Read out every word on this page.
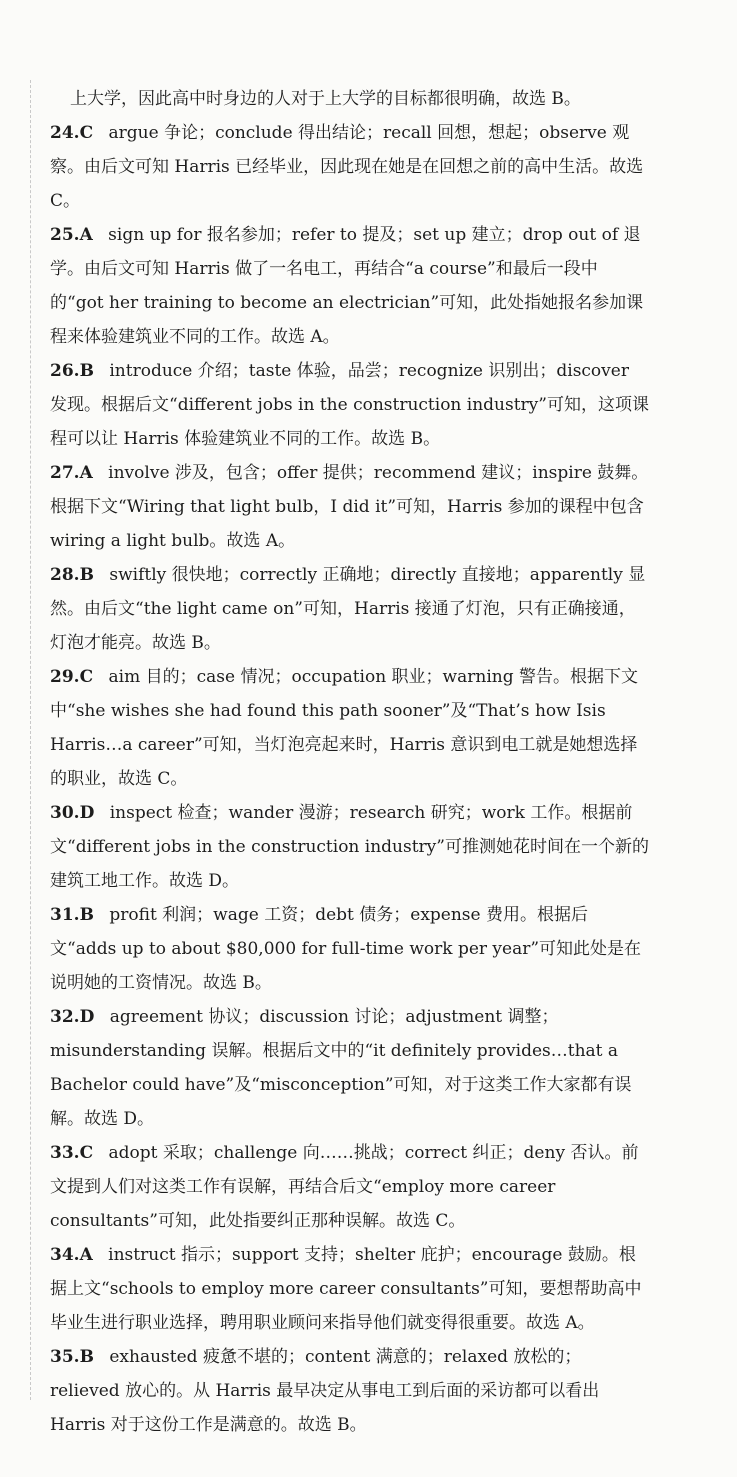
上大学，因此高中时身边的人对于上大学的目标都很明确，故选 B。
24.C argue 争论；conclude 得出结论；recall 回想，想起；observe 观察。由后文可知 Harris 已经毕业，因此现在她是在回想之前的高中生活。故选 C。
25.A sign up for 报名参加；refer to 提及；set up 建立；drop out of 退学。由后文可知 Harris 做了一名电工，再结合“a course”和最后一段中的“got her training to become an electrician”可知，此处指她报名参加课程来体验建筑业不同的工作。故选 A。
26.B introduce 介绍；taste 体验，品尝；recognize 识别出；discover 发现。根据后文“different jobs in the construction industry”可知，这项课程可以让 Harris 体验建筑业不同的工作。故选 B。
27.A involve 涉及，包含；offer 提供；recommend 建议；inspire 鼓舞。根据下文“Wiring that light bulb，I did it”可知，Harris 参加的课程中包含 wiring a light bulb。故选 A。
28.B swiftly 很快地；correctly 正确地；directly 直接地；apparently 显然。由后文“the light came on”可知，Harris 接通了灯泡，只有正确接通，灯泡才能亮。故选 B。
29.C aim 目的；case 情况；occupation 职业；warning 警告。根据下文中“she wishes she had found this path sooner”及“That’s how Isis Harris…a career”可知，当灯泡亮起来时，Harris 意识到电工就是她想选择的职业，故选 C。
30.D inspect 检查；wander 漫游；research 研究；work 工作。根据前文“different jobs in the construction industry”可推测她花时间在一个新的建筑工地工作。故选 D。
31.B profit 利润；wage 工资；debt 债务；expense 费用。根据后文“adds up to about $80,000 for full-time work per year”可知此处是在说明她的工资情况。故选 B。
32.D agreement 协议；discussion 讨论；adjustment 调整；misunderstanding 误解。根据后文中的“it definitely provides…that a Bachelor could have”及“misconception”可知，对于这类工作大家都有误解。故选 D。
33.C adopt 采取；challenge 向……挑战；correct 纠正；deny 否认。前文提到人们对这类工作有误解，再结合后文“employ more career consultants”可知，此处指要纠正那种误解。故选 C。
34.A instruct 指示；support 支持；shelter 庇护；encourage 鼓励。根据上文“schools to employ more career consultants”可知，要想帮助高中毕业生进行职业选择，聘用职业顾问来指导他们就变得很重要。故选 A。
35.B exhausted 疲惫不堪的；content 满意的；relaxed 放松的；relieved 放心的。从 Harris 最早决定从事电工到后面的采访都可以看出 Harris 对于这份工作是满意的。故选 B。
